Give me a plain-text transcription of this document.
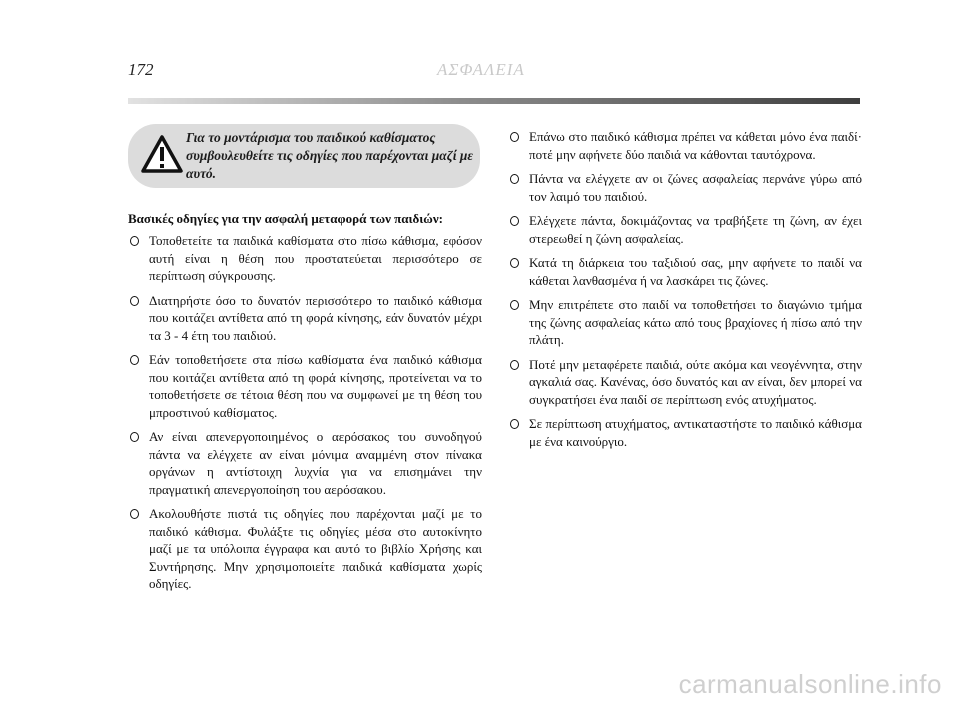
172	ΑΣΦΑΛΕΙΑ
Για το μοντάρισμα του παιδικού καθίσματος συμβουλευθείτε τις οδηγίες που παρέχονται μαζί με αυτό.

Βασικές οδηγίες για την ασφαλή μεταφορά των παιδιών:

Τοποθετείτε τα παιδικά καθίσματα στο πίσω κάθισμα, εφόσον αυτή είναι η θέση που προστατεύεται περισσότερο σε περίπτωση σύγκρουσης.
Διατηρήστε όσο το δυνατόν περισσότερο το παιδικό κάθισμα που κοιτάζει αντίθετα από τη φορά κίνησης, εάν δυνατόν μέχρι τα 3 - 4 έτη του παιδιού.
Εάν τοποθετήσετε στα πίσω καθίσματα ένα παιδικό κάθισμα που κοιτάζει αντίθετα από τη φορά κίνησης, προτείνεται να το τοποθετήσετε σε τέτοια θέση που να συμφωνεί με τη θέση του μπροστινού καθίσματος.
Αν είναι απενεργοποιημένος ο αερόσακος του συνοδηγού πάντα να ελέγχετε αν είναι μόνιμα αναμμένη στον πίνακα οργάνων η αντίστοιχη λυχνία για να επισημάνει την πραγματική απενεργοποίηση του αερόσακου.
Ακολουθήστε πιστά τις οδηγίες που παρέχονται μαζί με το παιδικό κάθισμα. Φυλάξτε τις οδηγίες μέσα στο αυτοκίνητο μαζί με τα υπόλοιπα έγγραφα και αυτό το βιβλίο Χρήσης και Συντήρησης. Μην χρησιμοποιείτε παιδικά καθίσματα χωρίς οδηγίες.
Επάνω στο παιδικό κάθισμα πρέπει να κάθεται μόνο ένα παιδί· ποτέ μην αφήνετε δύο παιδιά να κάθονται ταυτόχρονα.
Πάντα να ελέγχετε αν οι ζώνες ασφαλείας περνάνε γύρω από τον λαιμό του παιδιού.
Ελέγχετε πάντα, δοκιμάζοντας να τραβήξετε τη ζώνη, αν έχει στερεωθεί η ζώνη ασφαλείας.
Κατά τη διάρκεια του ταξιδιού σας, μην αφήνετε το παιδί να κάθεται λανθασμένα ή να λασκάρει τις ζώνες.
Μην επιτρέπετε στο παιδί να τοποθετήσει το διαγώνιο τμήμα της ζώνης ασφαλείας κάτω από τους βραχίονες ή πίσω από την πλάτη.
Ποτέ μην μεταφέρετε παιδιά, ούτε ακόμα και νεογέννητα, στην αγκαλιά σας. Κανένας, όσο δυνατός και αν είναι, δεν μπορεί να συγκρατήσει ένα παιδί σε περίπτωση ενός ατυχήματος.
Σε περίπτωση ατυχήματος, αντικαταστήστε το παιδικό κάθισμα με ένα καινούργιο.
carmanualsonline.info
